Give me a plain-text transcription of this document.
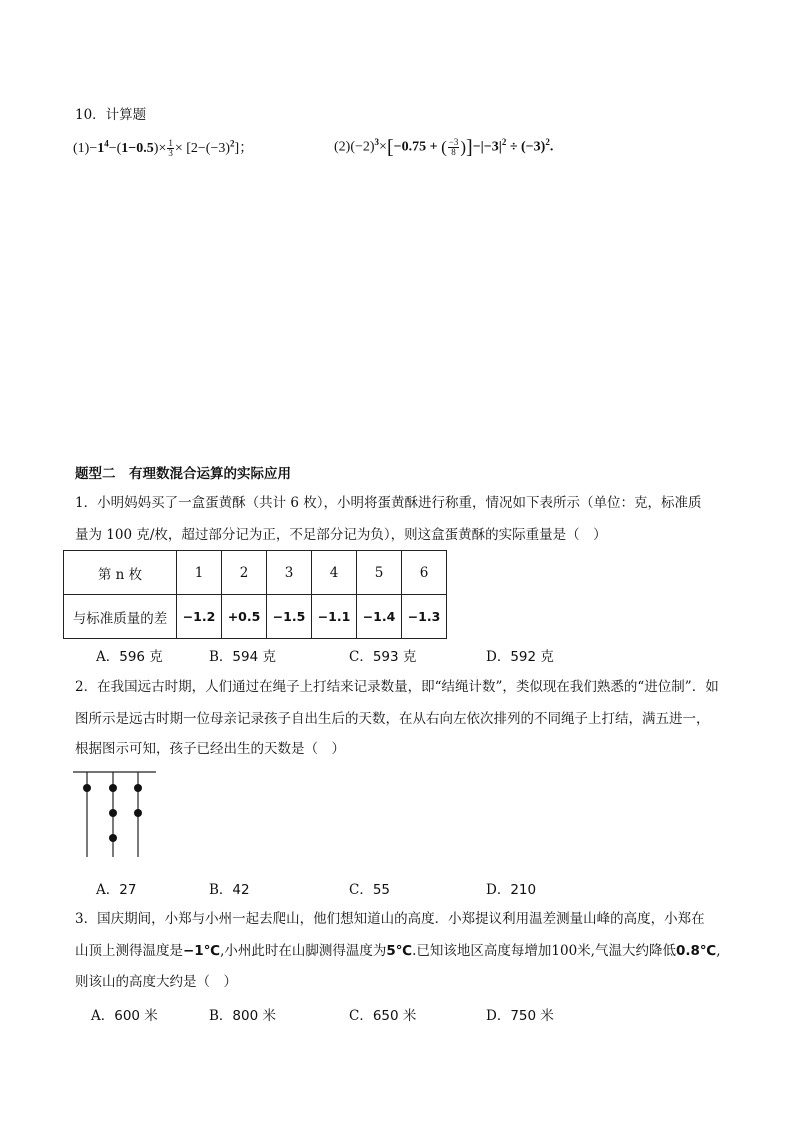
10．计算题
$(1)-1^4-(1-0.5)\times \frac{1}{3} \times [2-(-3)^2]$；	$(2)(-2)^3\times[-0.75$ + ( $\frac{-3}{8} )]-|-3|^2 \div (-3)^2$.
题型二　有理数混合运算的实际应用
1．小明妈妈买了一盒蛋黄酥（共计 6 枚），小明将蛋黄酥进行称重，情况如下表所示（单位：克，标准质
量为 100 克/枚，超过部分记为正，不足部分记为负），则这盒蛋黄酥的实际重量是（　）
第 n 枚	1	2	3	4	5	6
与标准质量的差	−1.2	+0.5	−1.5	−1.1	−1.4	−1.3
A．596 克	B．594 克	C．593 克	D．592 克
2．在我国远古时期，人们通过在绳子上打结来记录数量，即“结绳计数”，类似现在我们熟悉的“进位制”．如
图所示是远古时期一位母亲记录孩子自出生后的天数，在从右向左依次排列的不同绳子上打结，满五进一，
根据图示可知，孩子已经出生的天数是（　）
A．27	B．42	C．55	D．210
3．国庆期间，小郑与小州一起去爬山，他们想知道山的高度．小郑提议利用温差测量山峰的高度，小郑在
山顶上测得温度是−1℃,小州此时在山脚测得温度为5℃.已知该地区高度每增加100米,气温大约降低0.8℃,
则该山的高度大约是（　）
A．600 米	B．800 米	C．650 米	D．750 米
